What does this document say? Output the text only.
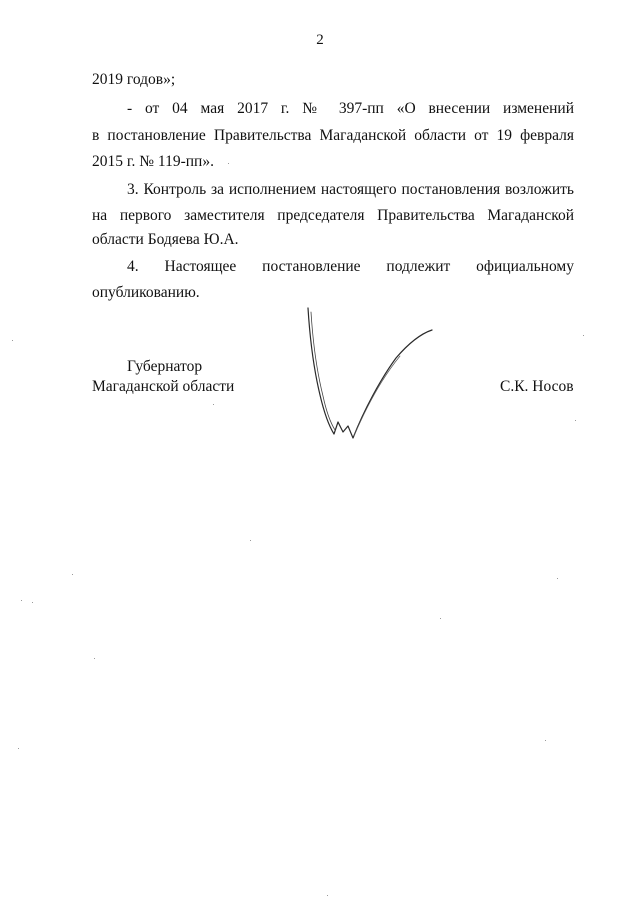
2
2019 годов»;
- от 04 мая 2017 г. № 397-пп «О внесении изменений
в постановление Правительства Магаданской области от 19 февраля
2015 г. № 119-пп».
3. Контроль за исполнением настоящего постановления возложить
на первого заместителя председателя Правительства Магаданской
области Бодяева Ю.А.
4. Настоящее постановление подлежит официальному
опубликованию.
Губернатор
Магаданской области	С.К. Носов
